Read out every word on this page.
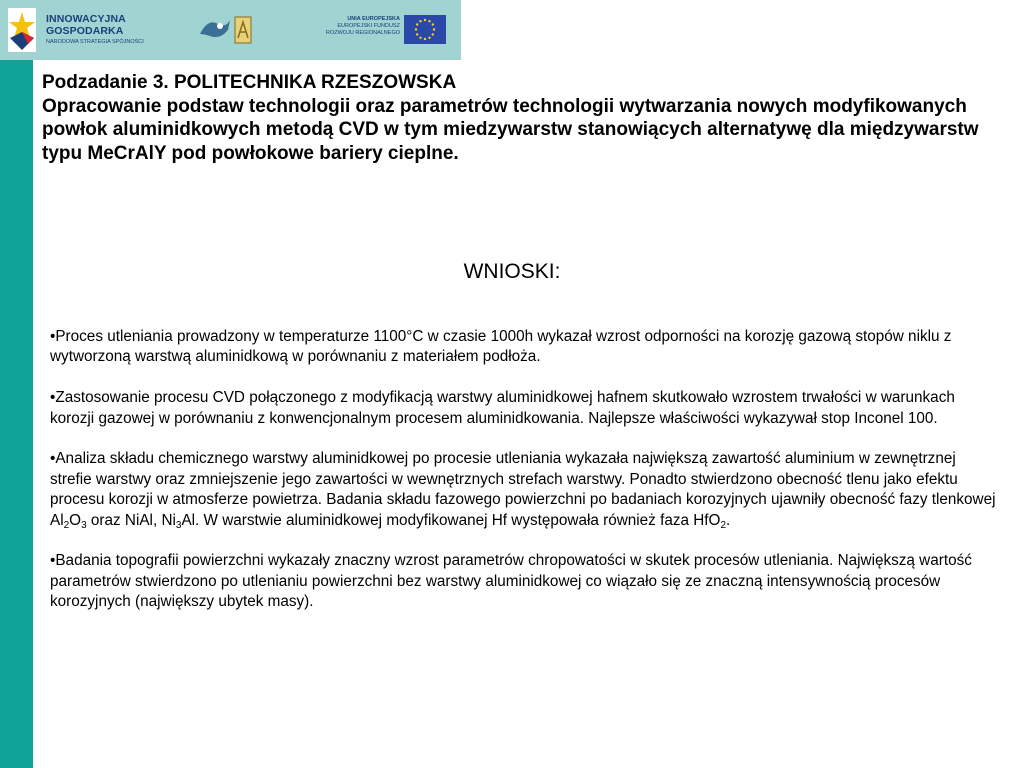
INNOWACYJNA
GOSPODARKA
NARODOWA STRATEGIA SPÓJNOŚCI
UNIA EUROPEJSKA
EUROPEJSKI FUNDUSZ
ROZWOJU REGIONALNEGO
Podzadanie 3. POLITECHNIKA RZESZOWSKA
Opracowanie podstaw technologii oraz parametrów technologii wytwarzania nowych modyfikowanych powłok aluminidkowych metodą CVD w tym miedzywarstw stanowiących alternatywę dla międzywarstw typu MeCrAlY pod powłokowe bariery cieplne.
WNIOSKI:

•Proces utleniania prowadzony w temperaturze 1100°C w czasie 1000h wykazał wzrost odporności na korozję gazową stopów niklu z wytworzoną warstwą aluminidkową w porównaniu z materiałem podłoża.

•Zastosowanie procesu CVD połączonego z modyfikacją warstwy aluminidkowej hafnem skutkowało wzrostem trwałości w warunkach korozji gazowej w porównaniu z konwencjonalnym procesem aluminidkowania. Najlepsze właściwości wykazywał stop Inconel 100.

•Analiza składu chemicznego warstwy aluminidkowej po procesie utleniania wykazała największą zawartość aluminium w zewnętrznej strefie warstwy oraz zmniejszenie jego zawartości w wewnętrznych strefach warstwy. Ponadto stwierdzono obecność tlenu jako efektu procesu korozji w atmosferze powietrza. Badania składu fazowego powierzchni po badaniach korozyjnych ujawniły obecność fazy tlenkowej $Al_2O_3$ oraz NiAl, $Ni_3Al$. W warstwie aluminidkowej modyfikowanej Hf występowała również faza HfO$_2$.

•Badania topografii powierzchni wykazały znaczny wzrost parametrów chropowatości w skutek procesów utleniania. Największą wartość parametrów stwierdzono po utlenianiu powierzchni bez warstwy aluminidkowej co wiązało się ze znaczną intensywnością procesów korozyjnych (największy ubytek masy).
